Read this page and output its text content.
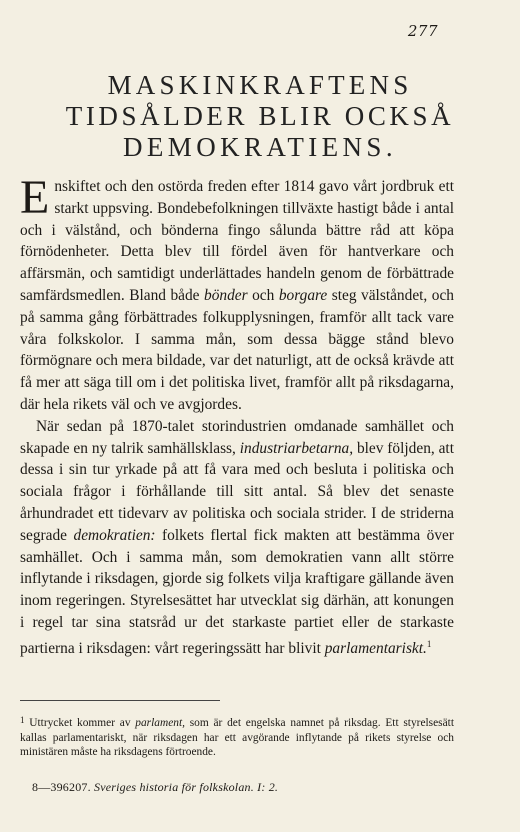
277
MASKINKRAFTENS
TIDSÅLDER BLIR OCKSÅ
DEMOKRATIENS.

Enskiftet och den ostörda freden efter 1814 gavo vårt jordbruk ett starkt uppsving. Bondebefolkningen tillväxte hastigt både i antal och i välstånd, och bönderna fingo sålunda bättre råd att köpa förnödenheter. Detta blev till fördel även för hantverkare och affärsmän, och samtidigt underlättades handeln genom de förbättrade samfärdsmedlen. Bland både bönder och borgare steg välståndet, och på samma gång förbättrades folkupplysningen, framför allt tack vare våra folkskolor. I samma mån, som dessa bägge stånd blevo förmögnare och mera bildade, var det naturligt, att de också krävde att få mer att säga till om i det politiska livet, framför allt på riksdagarna, där hela rikets väl och ve avgjordes.

När sedan på 1870-talet storindustrien omdanade samhället och skapade en ny talrik samhällsklass, industriarbetarna, blev följden, att dessa i sin tur yrkade på att få vara med och besluta i politiska och sociala frågor i förhållande till sitt antal. Så blev det senaste århundradet ett tidevarv av politiska och sociala strider. I de striderna segrade demokratien: folkets flertal fick makten att bestämma över samhället. Och i samma mån, som demokratien vann allt större inflytande i riksdagen, gjorde sig folkets vilja kraftigare gällande även inom regeringen. Styrelsesättet har utvecklat sig därhän, att konungen i regel tar sina statsråd ur det starkaste partiet eller de starkaste partierna i riksdagen: vårt regeringssätt har blivit parlamentariskt.$^1$

$^1$ Uttrycket kommer av parlament, som är det engelska namnet på riksdag. Ett styrelsesätt kallas parlamentariskt, när riksdagen har ett avgörande inflytande på rikets styrelse och ministären måste ha riksdagens förtroende.
8—396207. Sveriges historia för folkskolan. I: 2.
